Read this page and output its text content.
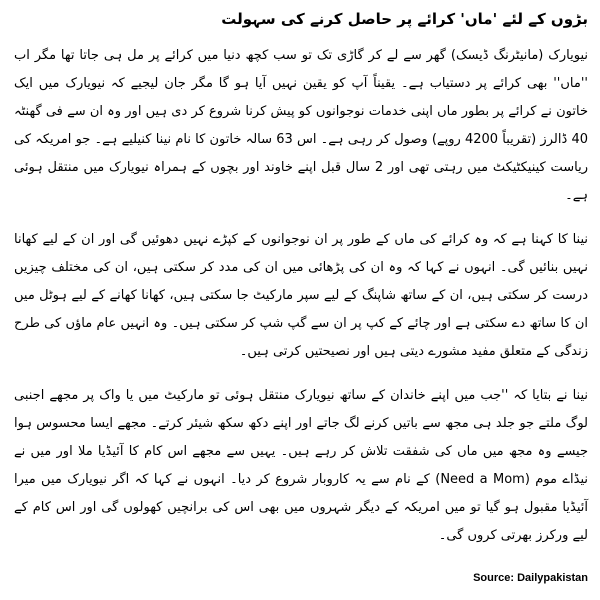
بڑوں کے لئے 'ماں' کرائے پر حاصل کرنے کی سہولت

نیویارک (مانیٹرنگ ڈیسک) گھر سے لے کر گاڑی تک تو سب کچھ دنیا میں کرائے پر مل ہی جاتا تھا مگر اب ''ماں'' بھی کرائے پر دستیاب ہے۔ یقیناً آپ کو یقین نہیں آیا ہو گا مگر جان لیجیے کہ نیویارک میں ایک خاتون نے کرائے پر بطور ماں اپنی خدمات نوجوانوں کو پیش کرنا شروع کر دی ہیں اور وہ ان سے فی گھنٹہ 40 ڈالرز (تقریباً 4200 روپے) وصول کر رہی ہے۔ اس 63 سالہ خاتون کا نام نینا کنیلیے ہے۔ جو امریکہ کی ریاست کینیکٹیکٹ میں رہتی تھی اور 2 سال قبل اپنے خاوند اور بچوں کے ہمراہ نیویارک میں منتقل ہوئی ہے۔

نینا کا کہنا ہے کہ وہ کرائے کی ماں کے طور پر ان نوجوانوں کے کپڑے نہیں دھوئیں گی اور ان کے لیے کھانا نہیں بنائیں گی۔ انہوں نے کہا کہ وہ ان کی پڑھائی میں ان کی مدد کر سکتی ہیں، ان کی مختلف چیزیں درست کر سکتی ہیں، ان کے ساتھ شاپنگ کے لیے سپر مارکیٹ جا سکتی ہیں، کھانا کھانے کے لیے ہوٹل میں ان کا ساتھ دے سکتی ہے اور چائے کے کپ پر ان سے گپ شپ کر سکتی ہیں۔ وہ انہیں عام ماؤں کی طرح زندگی کے متعلق مفید مشورے دیتی ہیں اور نصیحتیں کرتی ہیں۔

نینا نے بتایا کہ ''جب میں اپنے خاندان کے ساتھ نیویارک منتقل ہوئی تو مارکیٹ میں یا واک پر مجھے اجنبی لوگ ملتے جو جلد ہی مجھ سے باتیں کرنے لگ جاتے اور اپنے دکھ سکھ شیئر کرتے۔ مجھے ایسا محسوس ہوا جیسے وہ مجھ میں ماں کی شفقت تلاش کر رہے ہیں۔ یہیں سے مجھے اس کام کا آئیڈیا ملا اور میں نے نیڈاے موم (Need a Mom) کے نام سے یہ کاروبار شروع کر دیا۔ انہوں نے کہا کہ اگر نیویارک میں میرا آئیڈیا مقبول ہو گیا تو میں امریکہ کے دیگر شہروں میں بھی اس کی برانچیں کھولوں گی اور اس کام کے لیے ورکرز بھرتی کروں گی۔

Source: Dailypakistan
